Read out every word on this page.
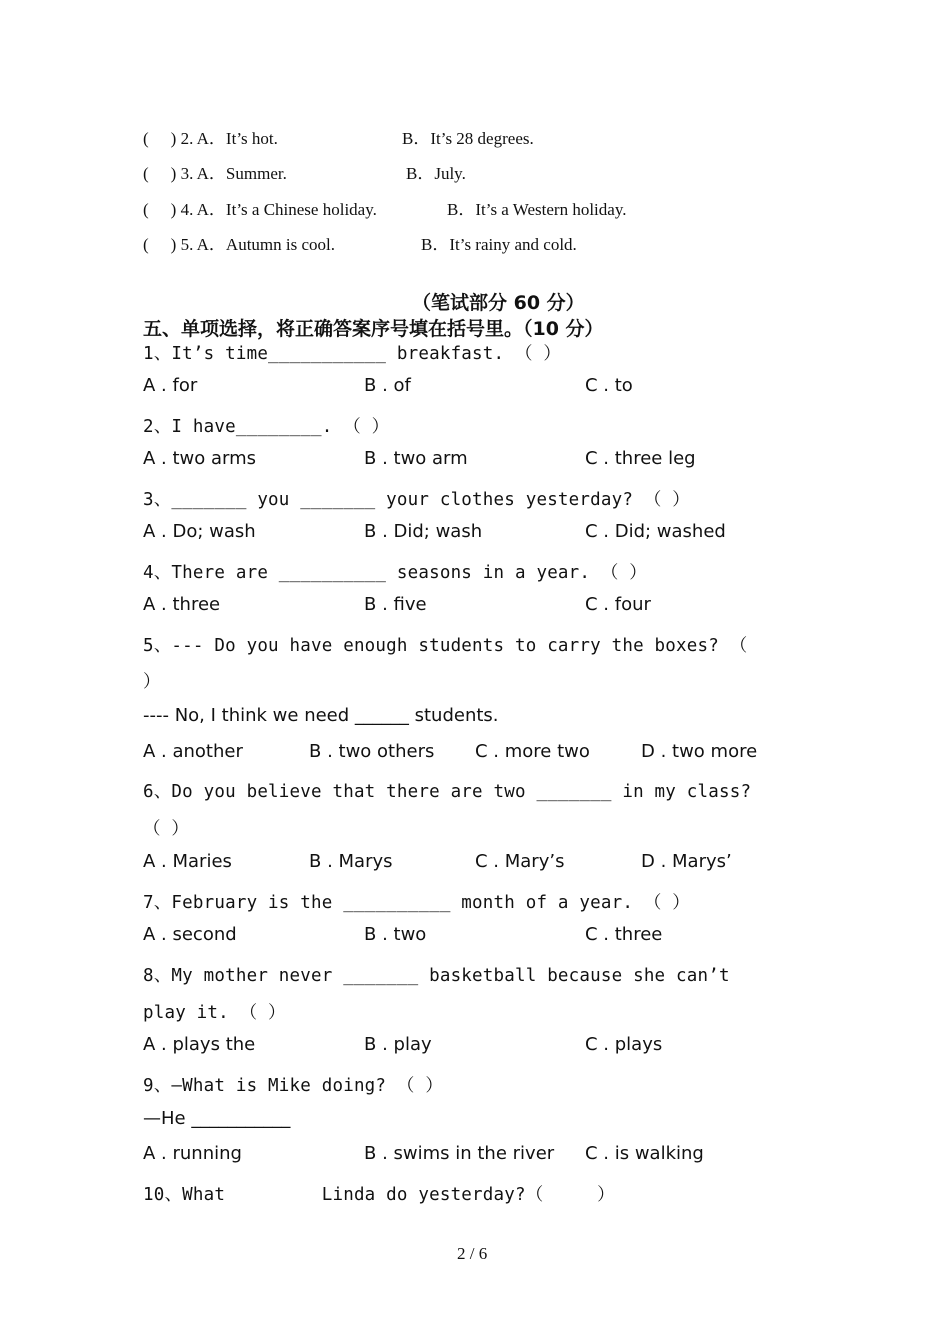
( ) 2. A．It’s hot.	B．It’s 28 degrees.
( ) 3. A．Summer.	B．July.
( ) 4. A．It’s a Chinese holiday.	B．It’s a Western holiday.
( ) 5. A．Autumn is cool.	B．It’s rainy and cold.
（笔试部分 60 分）
五、单项选择，将正确答案序号填在括号里。（10 分）
1、It’s time___________ breakfast. （ ）
A . for	B . of	C . to
2、I have________. （ ）
A . two arms	B . two arm	C . three leg
3、_______ you _______ your clothes yesterday? （ ）
A . Do; wash	B . Did; wash	C . Did; washed
4、There are __________ seasons in a year. （ ）
A . three	B . five	C . four
5、--- Do you have enough students to carry the boxes? （
）
---- No, I think we need ______ students.
A . another	B . two others C . more two	D . two more
6、Do you believe that there are two _______ in my class?
（ ）
A . Maries	B . Marys	C . Mary’s	D . Marys’
7、February is the __________ month of a year. （ ）
A . second	B . two	C . three
8、My mother never _______ basketball because she can’t
play it. （ ）
A . plays the	B . play	C . plays
9、—What is Mike doing? （ ）
—He ___________
A . running	B . swims in the river C . is walking
10、What         Linda do yesterday?（     ）
2 / 6
